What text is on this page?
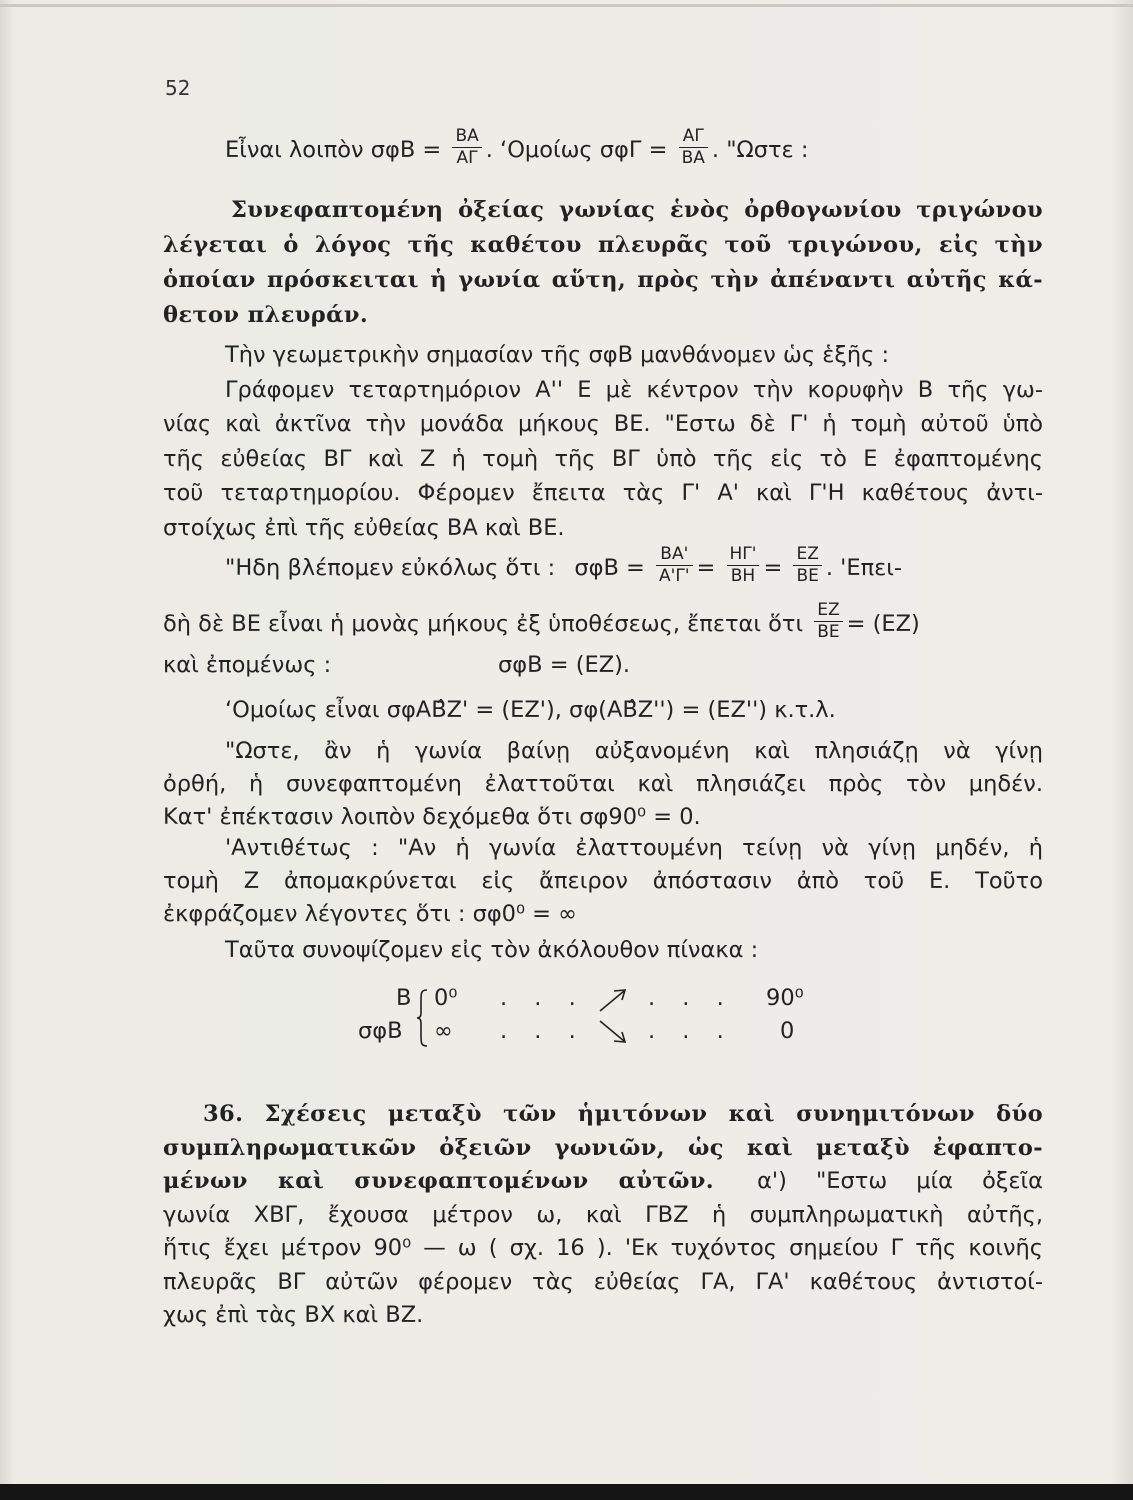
52
Εἶναι λοιπὸν $\sigma\varphi B = \frac{BA}{A\Gamma}$ . ‘Ομοίως $\sigma\varphi\Gamma = \frac{A\Gamma}{BA}$ . "Ωστε :
Συνεφαπτομένη ὀξείας γωνίας ἑνὸς ὀρθογωνίου τριγώνου
λέγεται ὁ λόγος τῆς καθέτου πλευρᾶς τοῦ τριγώνου, εἰς τὴν
ὁποίαν πρόσκειται ἡ γωνία αὕτη, πρὸς τὴν ἀπέναντι αὐτῆς κά-
θετον πλευράν.
Τὴν γεωμετρικὴν σημασίαν τῆς σφΒ μανθάνομεν ὡς ἑξῆς :
Γράφομεν τεταρτημόριον Α'' Ε μὲ κέντρον τὴν κορυφὴν Β τῆς γω-
νίας καὶ ἀκτῖνα τὴν μονάδα μήκους ΒΕ. "Εστω δὲ Γ' ἡ τομὴ αὐτοῦ ὑπὸ
τῆς εὐθείας ΒΓ καὶ Ζ ἡ τομὴ τῆς ΒΓ ὑπὸ τῆς εἰς τὸ Ε ἐφαπτομένης
τοῦ τεταρτημορίου. Φέρομεν ἔπειτα τὰς Γ' Α' καὶ Γ'Η καθέτους ἀντι-
στοίχως ἐπὶ τῆς εὐθείας ΒΑ καὶ ΒΕ.
"Ηδη βλέπομεν εὐκόλως ὅτι : $\sigma\varphi B = \frac{BA'}{A'\Gamma'} = \frac{H\Gamma'}{BH} = \frac{EZ}{BE}$ . 'Επει-
δὴ δὲ ΒΕ εἶναι ἡ μονὰς μήκους ἐξ ὑποθέσεως, ἔπεται ὅτι $\frac{EZ}{BE} = (EZ)$
καὶ ἐπομένως :	σφΒ = (ΕΖ).
‘Ομοίως εἶναι σφΑΒ̂Ζ' = (ΕΖ'), σφ(ΑΒ̂Ζ'') = (ΕΖ'') κ.τ.λ.
"Ωστε, ἂν ἡ γωνία βαίνῃ αὐξανομένη καὶ πλησιάζῃ νὰ γίνῃ
ὀρθή, ἡ συνεφαπτομένη ἐλαττοῦται καὶ πλησιάζει πρὸς τὸν μηδέν.
Κατ' ἐπέκτασιν λοιπὸν δεχόμεθα ὅτι σφ90⁰ = 0.
'Αντιθέτως : "Αν ἡ γωνία ἐλαττουμένη τείνῃ νὰ γίνῃ μηδέν, ἡ
τομὴ Ζ ἀπομακρύνεται εἰς ἄπειρον ἀπόστασιν ἀπὸ τοῦ Ε. Τοῦτο
ἐκφράζομεν λέγοντες ὅτι : σφ0⁰ = ∞
Ταῦτα συνοψίζομεν εἰς τὸν ἀκόλουθον πίνακα :
Β
σφΒ
0⁰
∞
. . .
. . .
. . .
. . .
90⁰
0
36. Σχέσεις μεταξὺ τῶν ἡμιτόνων καὶ συνημιτόνων δύο
συμπληρωματικῶν ὀξειῶν γωνιῶν, ὡς καὶ μεταξὺ ἐφαπτο-
μένων καὶ συνεφαπτομένων αὐτῶν. α') "Εστω μία ὀξεῖα
γωνία ΧΒΓ, ἔχουσα μέτρον ω, καὶ ΓΒΖ ἡ συμπληρωματικὴ αὐτῆς,
ἥτις ἔχει μέτρον 90⁰ — ω ( σχ. 16 ). 'Εκ τυχόντος σημείου Γ τῆς κοινῆς
πλευρᾶς ΒΓ αὐτῶν φέρομεν τὰς εὐθείας ΓΑ, ΓΑ' καθέτους ἀντιστοί-
χως ἐπὶ τὰς ΒΧ καὶ ΒΖ.
